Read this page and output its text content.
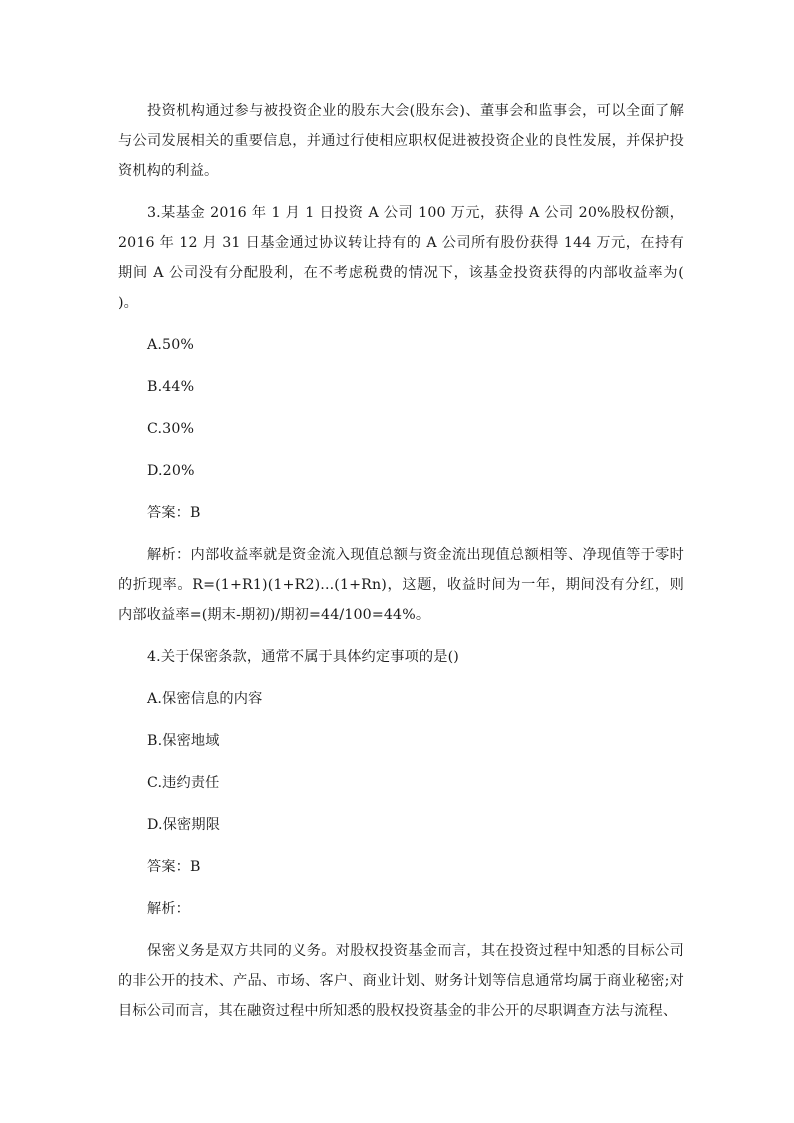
投资机构通过参与被投资企业的股东大会(股东会)、董事会和监事会，可以全面了解与公司发展相关的重要信息，并通过行使相应职权促进被投资企业的良性发展，并保护投资机构的利益。

3.某基金 2016 年 1 月 1 日投资 A 公司 100 万元，获得 A 公司 20%股权份额，2016 年 12 月 31 日基金通过协议转让持有的 A 公司所有股份获得 144 万元，在持有期间 A 公司没有分配股利，在不考虑税费的情况下，该基金投资获得的内部收益率为( )。

A.50%

B.44%

C.30%

D.20%

答案：B

解析：内部收益率就是资金流入现值总额与资金流出现值总额相等、净现值等于零时的折现率。R=(1+R1)(1+R2)...(1+Rn)，这题，收益时间为一年，期间没有分红，则内部收益率=(期末-期初)/期初=44/100=44%。

4.关于保密条款，通常不属于具体约定事项的是()

A.保密信息的内容

B.保密地域

C.违约责任

D.保密期限

答案：B

解析：

保密义务是双方共同的义务。对股权投资基金而言，其在投资过程中知悉的目标公司的非公开的技术、产品、市场、客户、商业计划、财务计划等信息通常均属于商业秘密;对目标公司而言，其在融资过程中所知悉的股权投资基金的非公开的尽职调查方法与流程、
